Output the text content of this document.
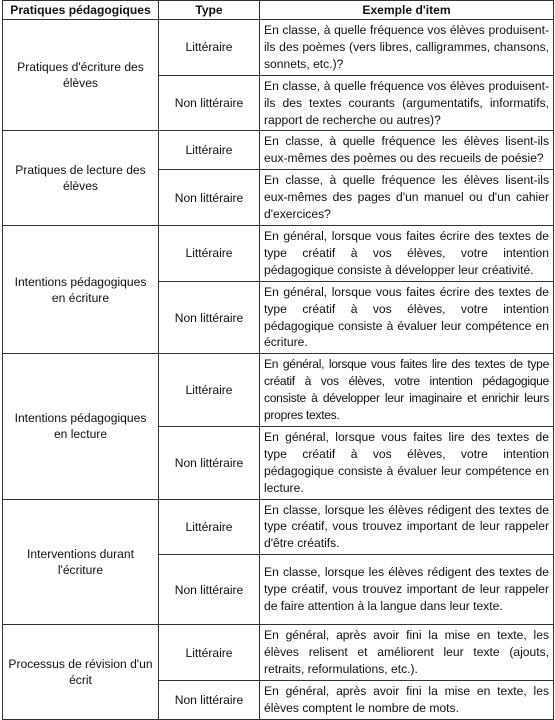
Pratiques pédagogiques	Type	Exemple d'item
Pratiques d'écriture des élèves	Littéraire	En classe, à quelle fréquence vos élèves produisent-ils des poèmes (vers libres, calligrammes, chansons, sonnets, etc.)?
	Non littéraire	En classe, à quelle fréquence vos élèves produisent-ils des textes courants (argumentatifs, informatifs, rapport de recherche ou autres)?
Pratiques de lecture des élèves	Littéraire	En classe, à quelle fréquence les élèves lisent-ils eux-mêmes des poèmes ou des recueils de poésie?
	Non littéraire	En classe, à quelle fréquence les élèves lisent-ils eux-mêmes des pages d'un manuel ou d'un cahier d'exercices?
Intentions pédagogiques en écriture	Littéraire	En général, lorsque vous faites écrire des textes de type créatif à vos élèves, votre intention pédagogique consiste à développer leur créativité.
	Non littéraire	En général, lorsque vous faites écrire des textes de type créatif à vos élèves, votre intention pédagogique consiste à évaluer leur compétence en écriture.
Intentions pédagogiques en lecture	Littéraire	En général, lorsque vous faites lire des textes de type créatif à vos élèves, votre intention pédagogique consiste à développer leur imaginaire et enrichir leurs propres textes.
	Non littéraire	En général, lorsque vous faites lire des textes de type créatif à vos élèves, votre intention pédagogique consiste à évaluer leur compétence en lecture.
Interventions durant l'écriture	Littéraire	En classe, lorsque les élèves rédigent des textes de type créatif, vous trouvez important de leur rappeler d'être créatifs.
	Non littéraire	En classe, lorsque les élèves rédigent des textes de type créatif, vous trouvez important de leur rappeler de faire attention à la langue dans leur texte.
Processus de révision d'un écrit	Littéraire	En général, après avoir fini la mise en texte, les élèves relisent et améliorent leur texte (ajouts, retraits, reformulations, etc.).
	Non littéraire	En général, après avoir fini la mise en texte, les élèves comptent le nombre de mots.
